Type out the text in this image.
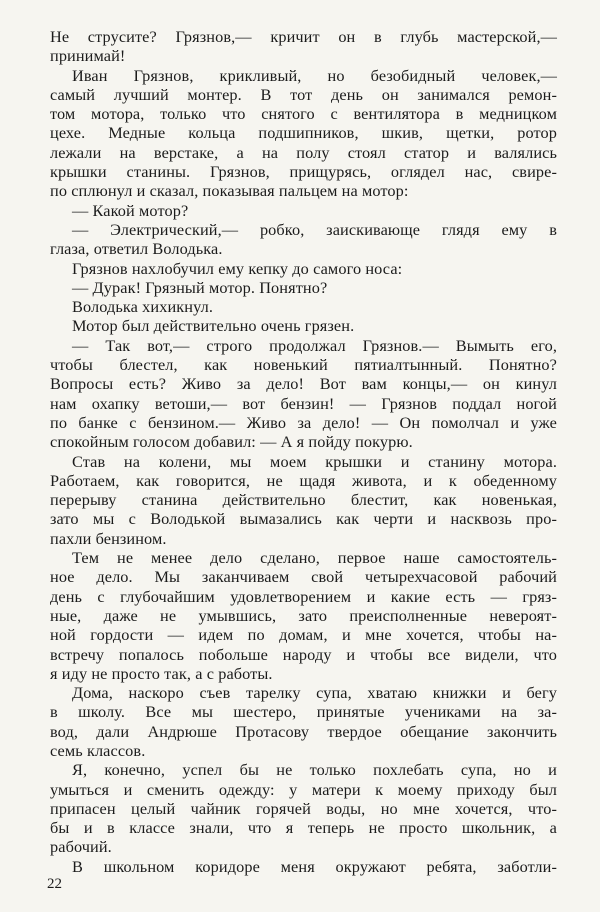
Не струсите? Грязнов,— кричит он в глубь мастерской,—
принимай!
Иван Грязнов, крикливый, но безобидный человек,—
самый лучший монтер. В тот день он занимался ремон-
том мотора, только что снятого с вентилятора в медницком
цехе. Медные кольца подшипников, шкив, щетки, ротор
лежали на верстаке, а на полу стоял статор и валялись
крышки станины. Грязнов, прищурясь, оглядел нас, свире-
по сплюнул и сказал, показывая пальцем на мотор:
— Какой мотор?
— Электрический,— робко, заискивающе глядя ему в
глаза, ответил Володька.
Грязнов нахлобучил ему кепку до самого носа:
— Дурак! Грязный мотор. Понятно?
Володька хихикнул.
Мотор был действительно очень грязен.
— Так вот,— строго продолжал Грязнов.— Вымыть его,
чтобы блестел, как новенький пятиалтынный. Понятно?
Вопросы есть? Живо за дело! Вот вам концы,— он кинул
нам охапку ветоши,— вот бензин! — Грязнов поддал ногой
по банке с бензином.— Живо за дело! — Он помолчал и уже
спокойным голосом добавил: — А я пойду покурю.
Став на колени, мы моем крышки и станину мотора.
Работаем, как говорится, не щадя живота, и к обеденному
перерыву станина действительно блестит, как новенькая,
зато мы с Володькой вымазались как черти и насквозь про-
пахли бензином.
Тем не менее дело сделано, первое наше самостоятель-
ное дело. Мы заканчиваем свой четырехчасовой рабочий
день с глубочайшим удовлетворением и какие есть — гряз-
ные, даже не умывшись, зато преисполненные невероят-
ной гордости — идем по домам, и мне хочется, чтобы на-
встречу попалось побольше народу и чтобы все видели, что
я иду не просто так, а с работы.
Дома, наскоро съев тарелку супа, хватаю книжки и бегу
в школу. Все мы шестеро, принятые учениками на за-
вод, дали Андрюше Протасову твердое обещание закончить
семь классов.
Я, конечно, успел бы не только похлебать супа, но и
умыться и сменить одежду: у матери к моему приходу был
припасен целый чайник горячей воды, но мне хочется, что-
бы и в классе знали, что я теперь не просто школьник, а
рабочий.
В школьном коридоре меня окружают ребята, заботли-
22
